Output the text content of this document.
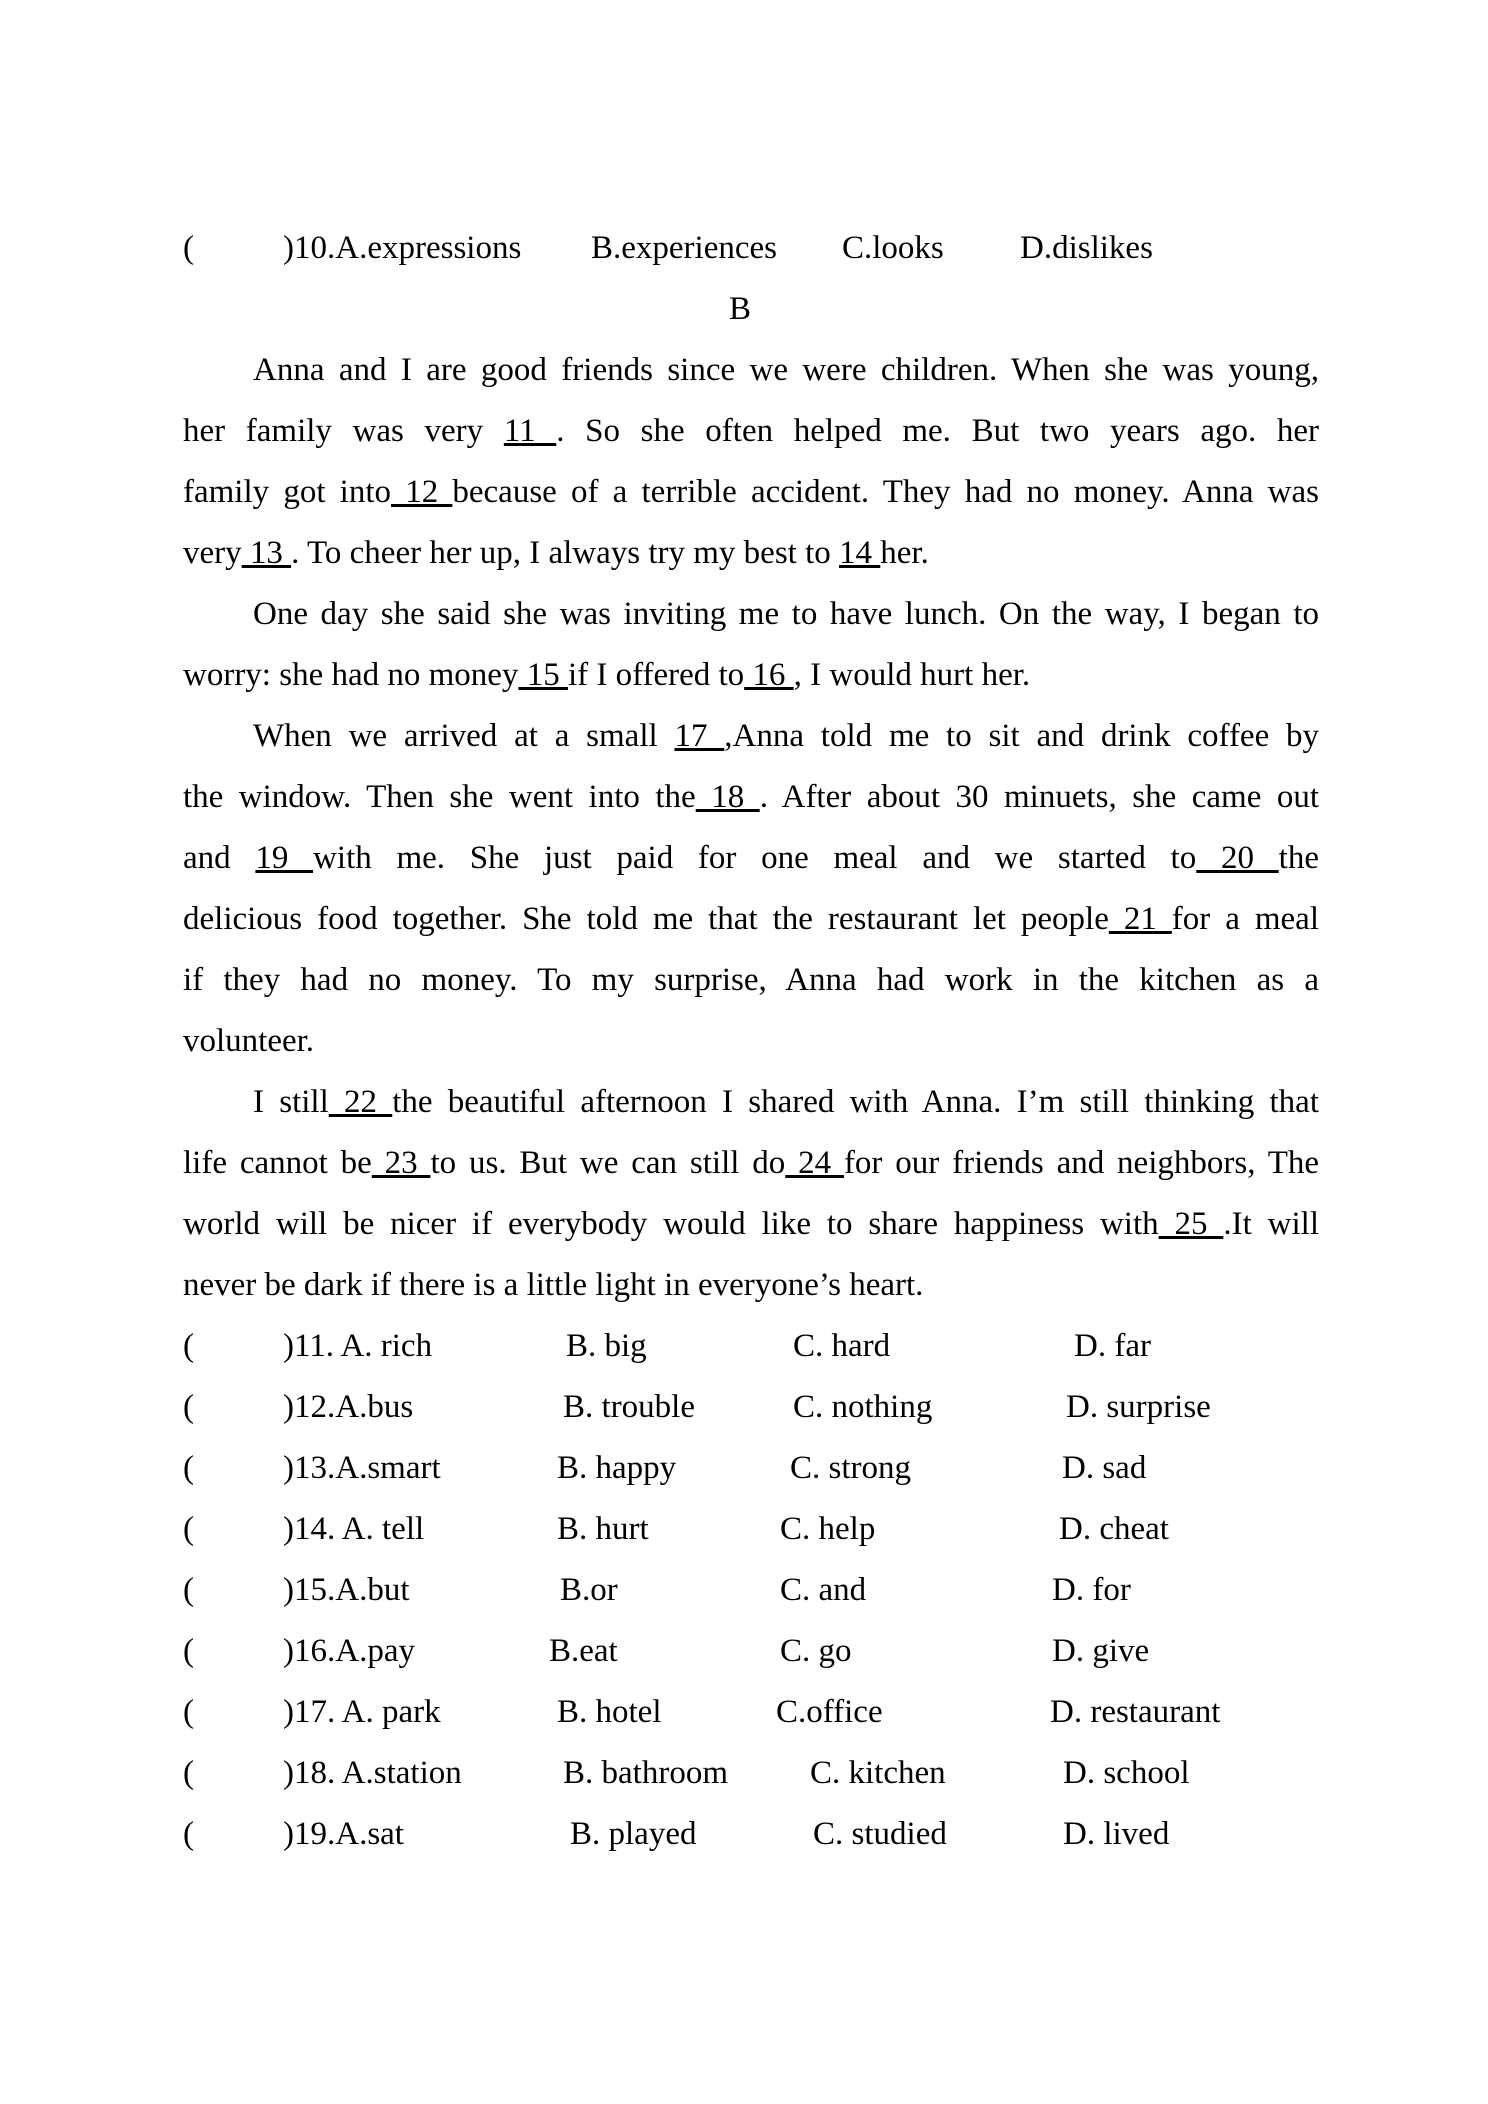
(	)10.A.expressions B.experiences C.looks D.dislikes
B
Anna and I are good friends since we were children. When she was young,
her family was very 11 . So she often helped me. But two years ago. her
family got into 12 because of a terrible accident. They had no money. Anna was
very 13 . To cheer her up, I always try my best to 14 her.
One day she said she was inviting me to have lunch. On the way, I began to
worry: she had no money 15 if I offered to 16 , I would hurt her.
When we arrived at a small 17 ,Anna told me to sit and drink coffee by
the window. Then she went into the 18 . After about 30 minuets, she came out
and 19 with me. She just paid for one meal and we started to 20 the
delicious food together. She told me that the restaurant let people 21 for a meal
if they had no money. To my surprise, Anna had work in the kitchen as a
volunteer.
I still 22 the beautiful afternoon I shared with Anna. I’m still thinking that
life cannot be 23 to us. But we can still do 24 for our friends and neighbors, The
world will be nicer if everybody would like to share happiness with 25 .It will
never be dark if there is a little light in everyone’s heart.
(	)11. A. rich	B. big	C. hard	D. far
(	)12.A.bus	B. trouble	C. nothing	D. surprise
(	)13.A.smart	B. happy	C. strong	D. sad
(	)14. A. tell	B. hurt	C. help	D. cheat
(	)15.A.but	B.or	C. and	D. for
(	)16.A.pay	B.eat	C. go	D. give
(	)17. A. park	B. hotel	C.office	D. restaurant
(	)18. A.station	B. bathroom C. kitchen	D. school
(	)19.A.sat	B. played	C. studied	D. lived
